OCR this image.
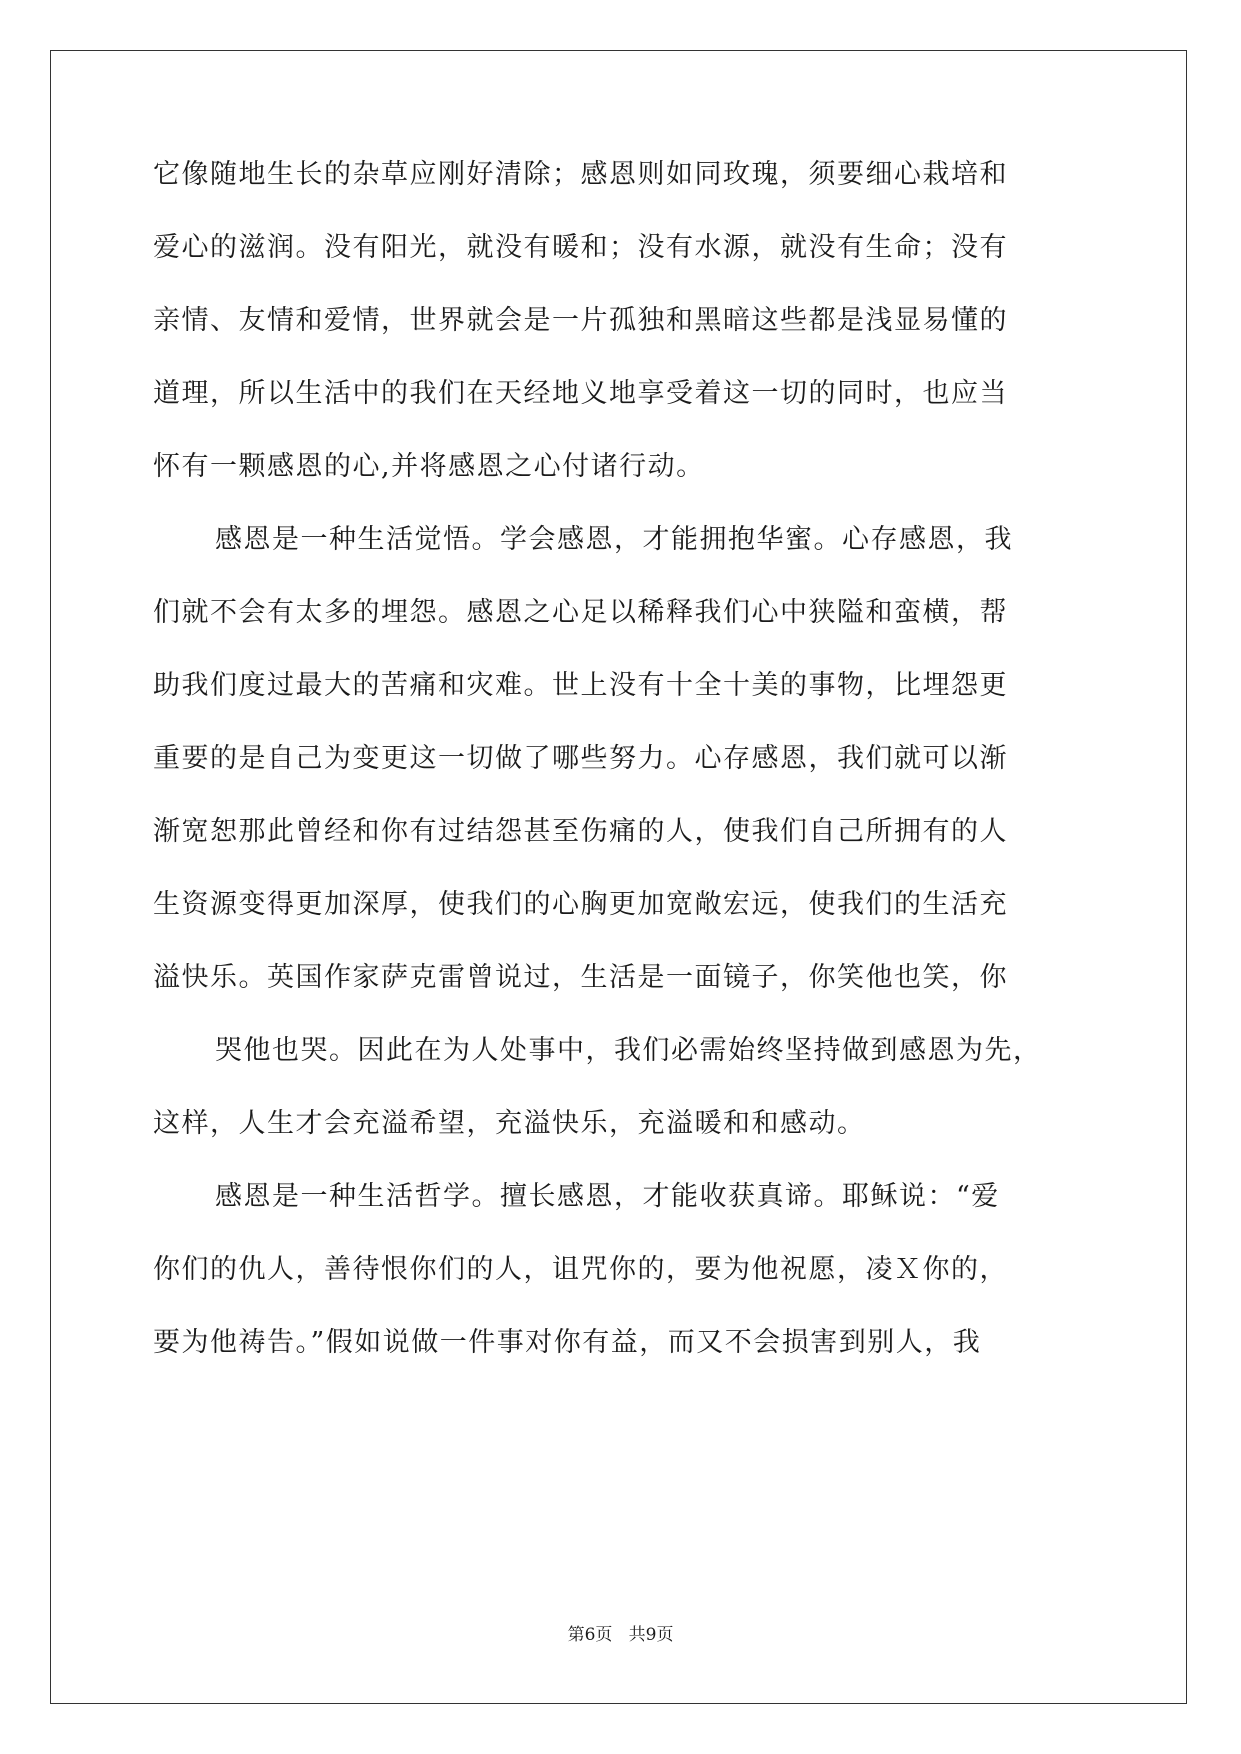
它像随地生长的杂草应刚好清除；感恩则如同玫瑰，须要细心栽培和
爱心的滋润。没有阳光，就没有暖和；没有水源，就没有生命；没有
亲情、友情和爱情，世界就会是一片孤独和黑暗这些都是浅显易懂的
道理，所以生活中的我们在天经地义地享受着这一切的同时，也应当
怀有一颗感恩的心,并将感恩之心付诸行动。
感恩是一种生活觉悟。学会感恩，才能拥抱华蜜。心存感恩，我
们就不会有太多的埋怨。感恩之心足以稀释我们心中狭隘和蛮横，帮
助我们度过最大的苦痛和灾难。世上没有十全十美的事物，比埋怨更
重要的是自己为变更这一切做了哪些努力。心存感恩，我们就可以渐
渐宽恕那此曾经和你有过结怨甚至伤痛的人，使我们自己所拥有的人
生资源变得更加深厚，使我们的心胸更加宽敞宏远，使我们的生活充
溢快乐。英国作家萨克雷曾说过，生活是一面镜子，你笑他也笑，你
哭他也哭。因此在为人处事中，我们必需始终坚持做到感恩为先，
这样，人生才会充溢希望，充溢快乐，充溢暖和和感动。
感恩是一种生活哲学。擅长感恩，才能收获真谛。耶稣说：“爱
你们的仇人，善待恨你们的人，诅咒你的，要为他祝愿，凌Ｘ你的，
要为他祷告。”假如说做一件事对你有益，而又不会损害到别人，我
第6页   共9页
